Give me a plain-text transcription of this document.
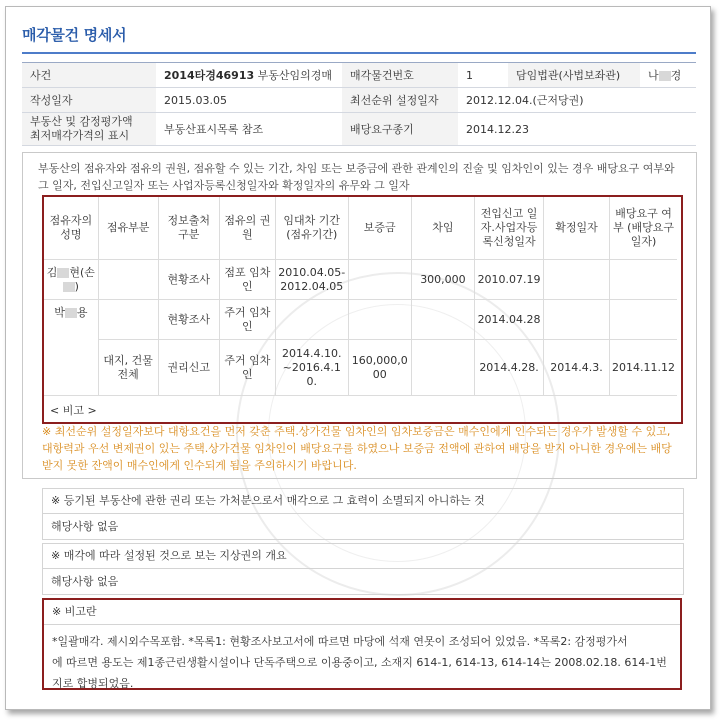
매각물건 명세서
사건	2014타경46913 부동산임의경매	매각물건번호	1	담임법관(사법보좌관)	나 경
작성일자	2015.03.05	최선순위 설정일자	2012.12.04.(근저당권)		

부동산 및 감정평가액
최저매각가격의 표시	부동산표시목록 참조	배당요구종기	2014.12.23		
부동산의 점유자와 점유의 권원, 점유할 수 있는 기간, 차임 또는 보증금에 관한 관계인의 진술 및 임차인이 있는 경우 배당요구 여부와 그 일자, 전입신고일자 또는 사업자등록신청일자와 확정일자의 유무와 그 일자
점유자의 성명	점유부분	정보출처 구분	점유의 권원	임대차 기간 (점유기간)	보증금	차임	전입신고 일자.사업자등록신청일자	확정일자	배당요구 여부 (배당요구일자)
김 현(손
)		현황조사	점포 임차인	2010.04.05-2012.04.05		300,000	2010.07.19		
박 용		현황조사	주거 임차인				2014.04.28		
	대지, 건물 전체	권리신고	주거 임차인	2014.4.10.~2016.4.10.	160,000,000		2014.4.28.	2014.4.3.	2014.11.12
< 비고 >
※ 최선순위 설정일자보다 대항요건을 먼저 갖춘 주택.상가건물 임차인의 임차보증금은 매수인에게 인수되는 경우가 발생할 수 있고, 대항력과 우선 변제권이 있는 주택.상가건물 임차인이 배당요구를 하였으나 보증금 전액에 관하여 배당을 받지 아니한 경우에는 배당받지 못한 잔액이 매수인에게 인수되게 됨을 주의하시기 바랍니다.
※ 등기된 부동산에 관한 권리 또는 가처분으로서 매각으로 그 효력이 소멸되지 아니하는 것
해당사항 없음
※ 매각에 따라 설정된 것으로 보는 지상권의 개요
해당사항 없음
※ 비고란
*일괄매각. 제시외수목포함. *목록1: 현황조사보고서에 따르면 마당에 석재 연못이 조성되어 있었음. *목록2: 감정평가서
에 따르면 용도는 제1종근린생활시설이나 단독주택으로 이용중이고, 소재지 614-1, 614-13, 614-14는 2008.02.18. 614-1번
지로 합병되었음.
